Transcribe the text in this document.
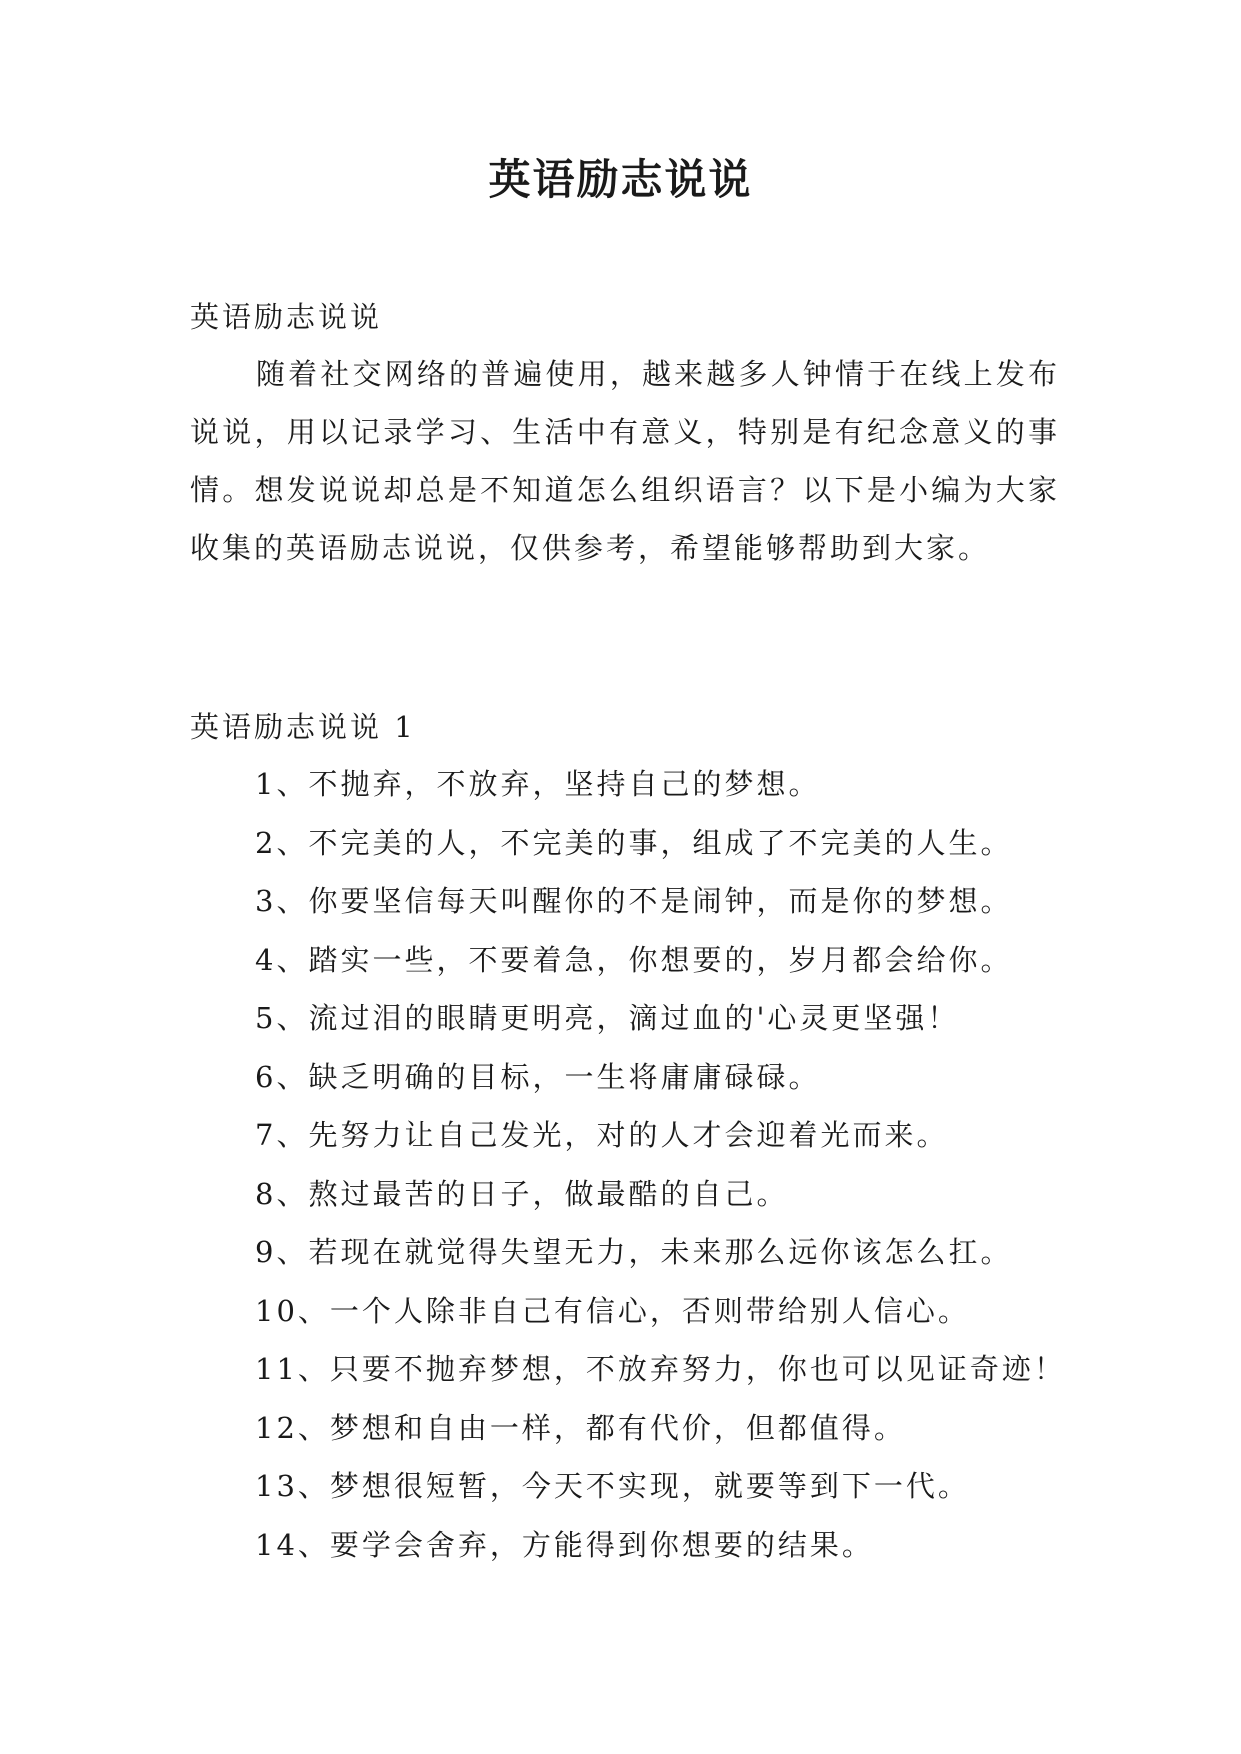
英语励志说说

英语励志说说

随着社交网络的普遍使用，越来越多人钟情于在线上发布说说，用以记录学习、生活中有意义，特别是有纪念意义的事情。想发说说却总是不知道怎么组织语言？以下是小编为大家收集的英语励志说说，仅供参考，希望能够帮助到大家。

英语励志说说 1

1、不抛弃，不放弃，坚持自己的梦想。
2、不完美的人，不完美的事，组成了不完美的人生。
3、你要坚信每天叫醒你的不是闹钟，而是你的梦想。
4、踏实一些，不要着急，你想要的，岁月都会给你。
5、流过泪的眼睛更明亮，滴过血的'心灵更坚强！
6、缺乏明确的目标，一生将庸庸碌碌。
7、先努力让自己发光，对的人才会迎着光而来。
8、熬过最苦的日子，做最酷的自己。
9、若现在就觉得失望无力，未来那么远你该怎么扛。
10、一个人除非自己有信心，否则带给别人信心。
11、只要不抛弃梦想，不放弃努力，你也可以见证奇迹！
12、梦想和自由一样，都有代价，但都值得。
13、梦想很短暂，今天不实现，就要等到下一代。
14、要学会舍弃，方能得到你想要的结果。
